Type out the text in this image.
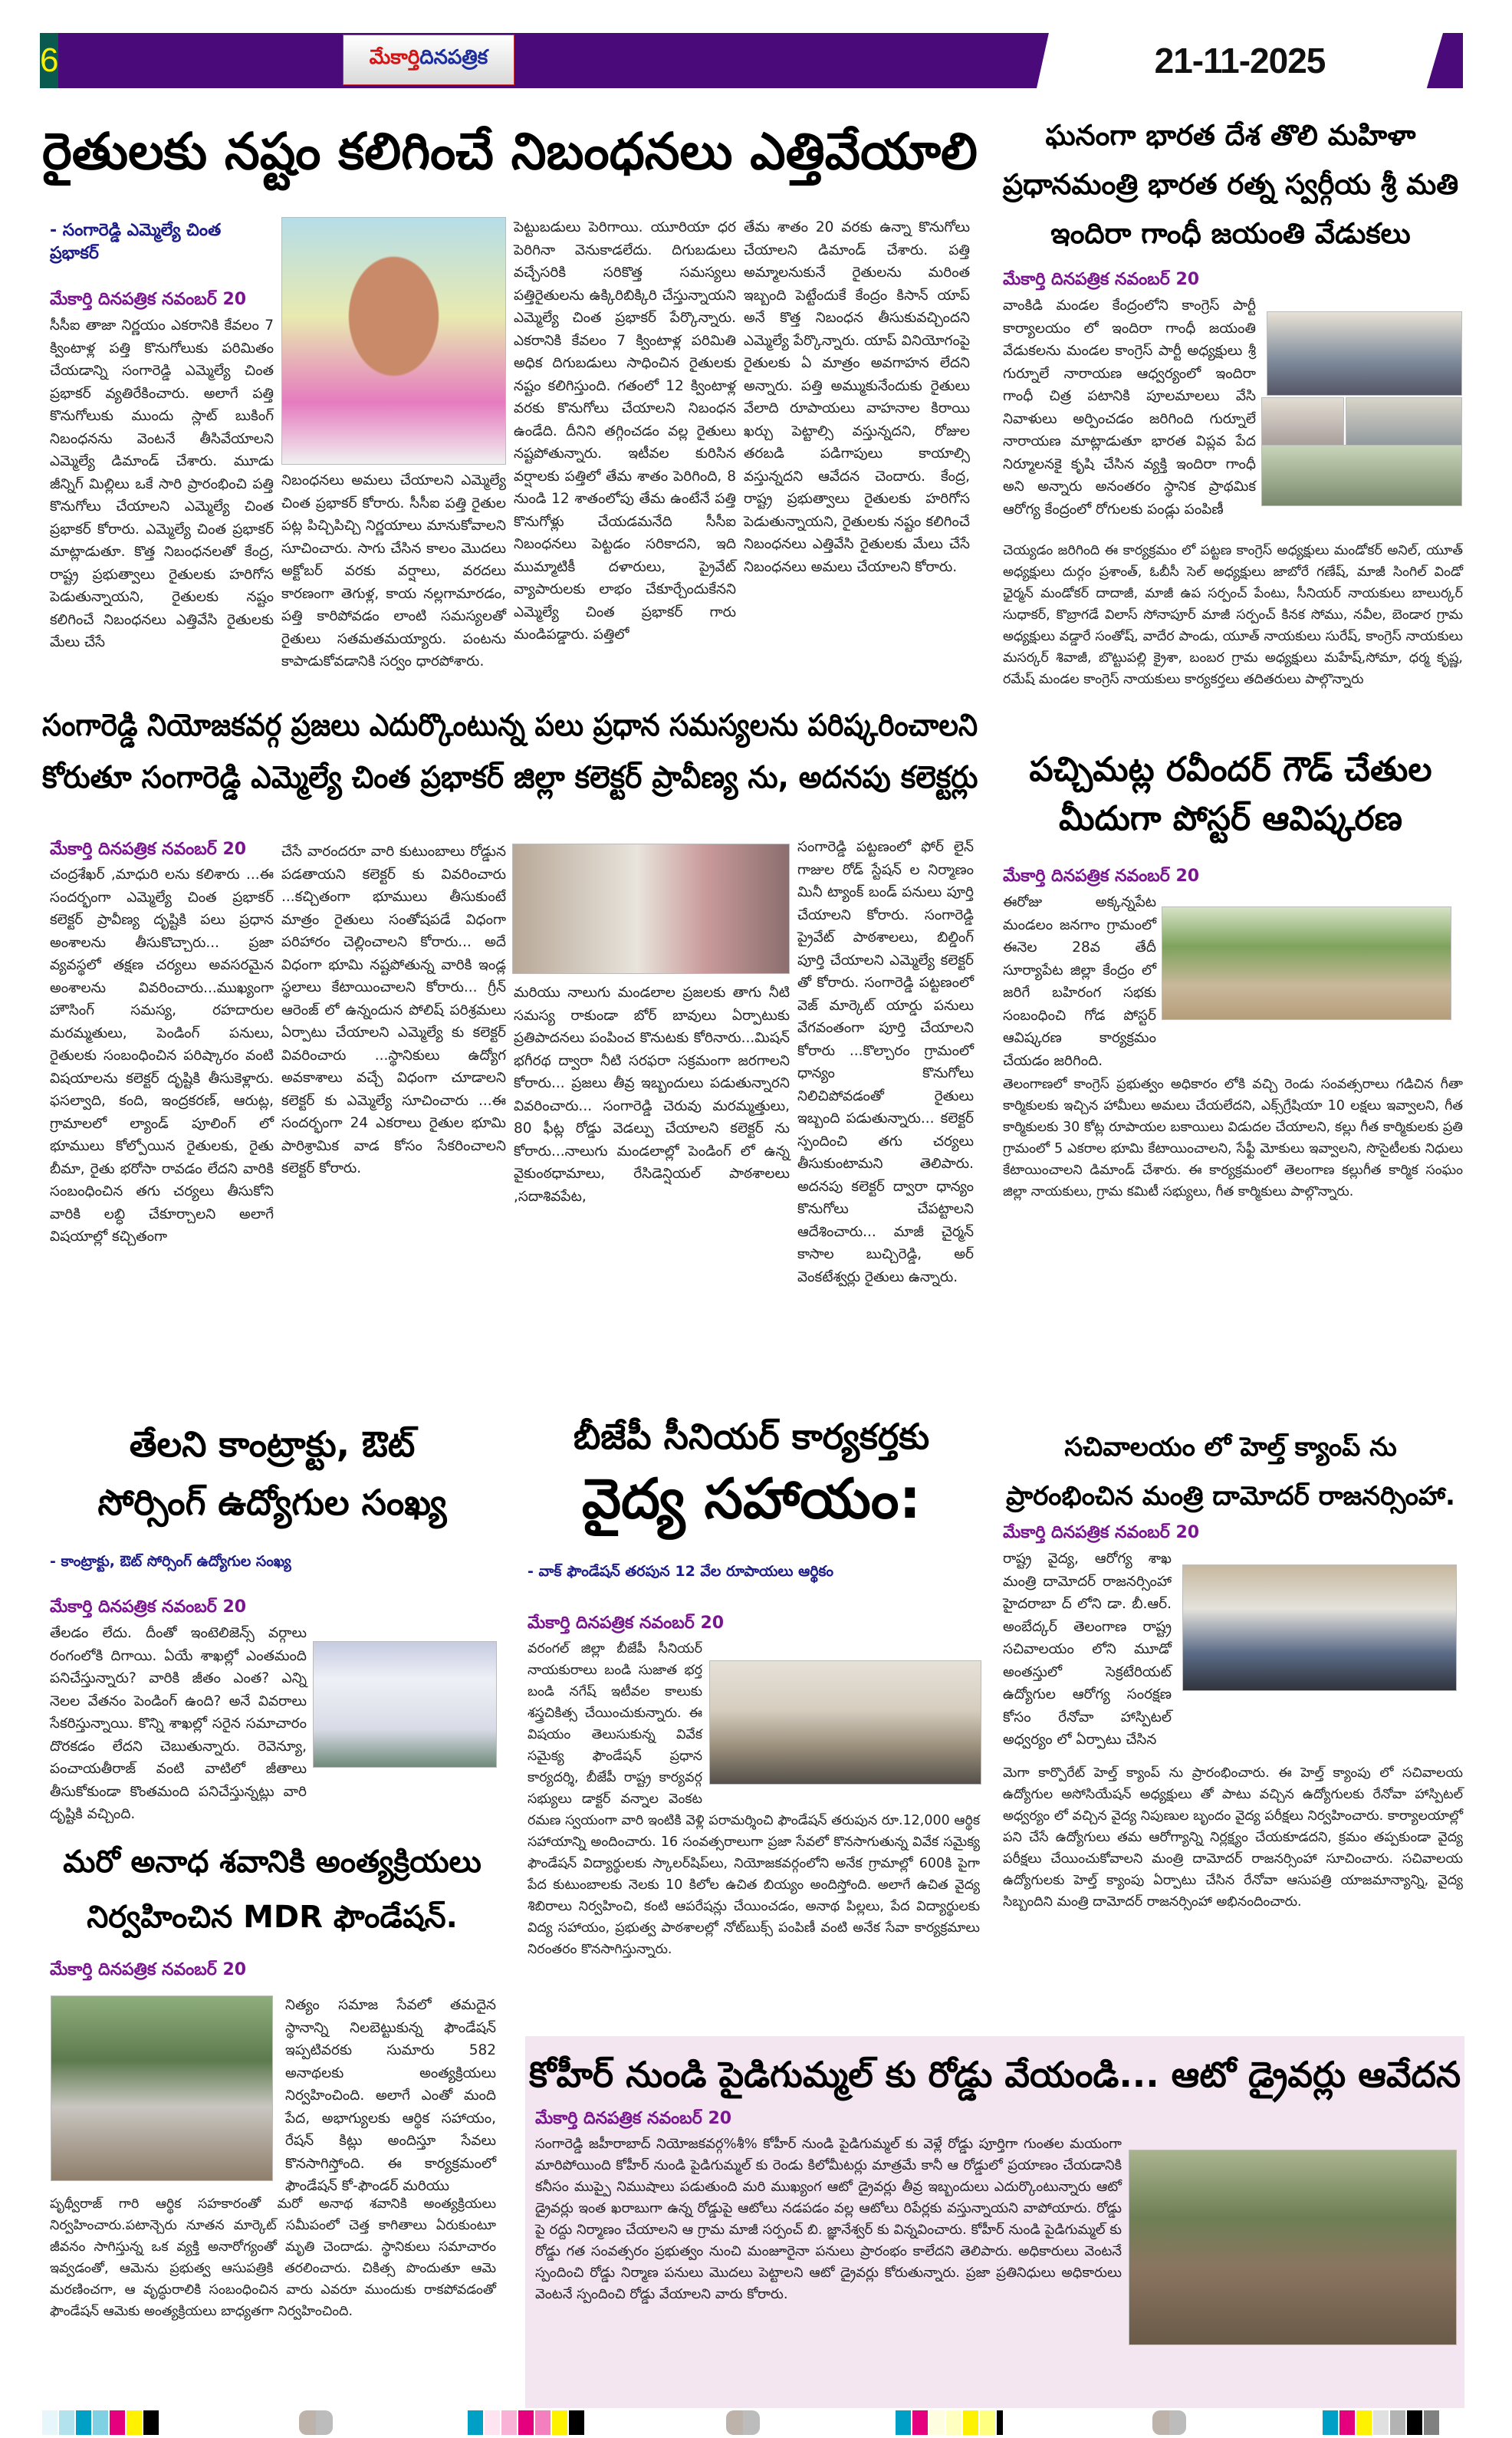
6	మేకార్తి దినపత్రిక	21-11-2025
రైతులకు నష్టం కలిగించే నిబంధనలు ఎత్తివేయాలి
- సంగారెడ్డి ఎమ్మెల్యే చింత ప్రభాకర్
మేకార్తి దినపత్రిక నవంబర్ 20

సీసీఐ తాజా నిర్ణయం ఎకరానికి కేవలం 7 క్వింటాళ్ల పత్తి కొనుగోలుకు పరిమితం చేయడాన్ని సంగారెడ్డి ఎమ్మెల్యే చింత ప్రభాకర్ వ్యతిరేకించారు. అలాగే పత్తి కొనుగోలుకు ముందు స్లాట్ బుకింగ్ నిబంధనను వెంటనే తీసివేయాలని ఎమ్మెల్యే డిమాండ్ చేశారు. మూడు జీన్నిగ్ మిల్లిలు ఒకే సారి ప్రారంభించి పత్తి కొనుగోలు చేయాలని ఎమ్మెల్యే చింత ప్రభాకర్ కోరారు. ఎమ్మెల్యే చింత ప్రభాకర్ మాట్లాడుతూ. కొత్త నిబంధనలతో కేంద్ర, రాష్ట్ర ప్రభుత్వాలు రైతులకు హరిగోస పెడుతున్నాయని, రైతులకు నష్టం కలిగించే నిబంధనలు ఎత్తివేసి రైతులకు మేలు చేసే

నిబంధనలు అమలు చేయాలని ఎమ్మెల్యే చింత ప్రభాకర్ కోరారు. సీసీఐ పత్తి రైతుల పట్ల పిచ్చిపిచ్చి నిర్ణయాలు మానుకోవాలని సూచించారు. సాగు చేసిన కాలం మొదలు అక్టోబర్ వరకు వర్షాలు, వరదలు కారణంగా తెగుళ్ల, కాయ నల్లగామారడం, పత్తి కారిపోవడం లాంటి సమస్యలతో రైతులు సతమతమయ్యారు. పంటను కాపాడుకోవడానికి సర్వం ధారపోశారు.

పెట్టుబడులు పెరిగాయి. యూరియా ధర పెరిగినా వెనుకాడలేదు. దిగుబడులు వచ్చేసరికి సరికొత్త సమస్యలు పత్తిరైతులను ఉక్కిరిబిక్కిరి చేస్తున్నాయని ఎమ్మెల్యే చింత ప్రభాకర్ పేర్కొన్నారు. ఎకరానికి కేవలం 7 క్వింటాళ్ల పరిమితి అధిక దిగుబడులు సాధించిన రైతులకు నష్టం కలిగిస్తుంది. గతంలో 12 క్వింటాళ్ల వరకు కొనుగోలు చేయాలని నిబంధన ఉండేది. దీనిని తగ్గించడం వల్ల రైతులు నష్టపోతున్నారు. ఇటీవల కురిసిన వర్షాలకు పత్తిలో తేమ శాతం పెరిగింది, 8 నుండి 12 శాతంలోపు తేమ ఉంటేనే పత్తి కొనుగోళ్లు చేయడమనేది సీసీఐ నిబంధనలు పెట్టడం సరికాదని, ఇది ముమ్మాటికీ దళారులు, ప్రైవేట్ వ్యాపారులకు లాభం చేకూర్చేందుకేనని ఎమ్మెల్యే చింత ప్రభాకర్ గారు మండిపడ్డారు. పత్తిలో

తేమ శాతం 20 వరకు ఉన్నా కొనుగోలు చేయాలని డిమాండ్ చేశారు. పత్తి అమ్మాలనుకునే రైతులను మరింత ఇబ్బంది పెట్టేందుకే కేంద్రం కిసాన్ యాప్ అనే కొత్త నిబంధన తీసుకువచ్చిందని ఎమ్మెల్యే పేర్కొన్నారు. యాప్ వినియోగంపై రైతులకు ఏ మాత్రం అవగాహన లేదని అన్నారు. పత్తి అమ్ముకునేందుకు రైతులు వేలాది రూపాయలు వాహనాల కిరాయి ఖర్చు పెట్టాల్సి వస్తున్నదని, రోజుల తరబడి పడిగాపులు కాయాల్సి వస్తున్నదని ఆవేదన చెందారు. కేంద్ర, రాష్ట్ర ప్రభుత్వాలు రైతులకు హరిగోస పెడుతున్నాయని, రైతులకు నష్టం కలిగించే నిబంధనలు ఎత్తివేసి రైతులకు మేలు చేసే నిబంధనలు అమలు చేయాలని కోరారు.

ఘనంగా భారత దేశ తొలి మహిళా
ప్రధానమంత్రి భారత రత్న స్వర్గీయ శ్రీ మతి
ఇందిరా గాంధీ జయంతి వేడుకలు
మేకార్తి దినపత్రిక నవంబర్ 20

వాంకిడి మండల కేంద్రంలోని కాంగ్రెస్ పార్టీ కార్యాలయం లో ఇందిరా గాంధీ జయంతి వేడుకలను మండల కాంగ్రెస్ పార్టీ అధ్యక్షులు శ్రీ గుర్నూలే నారాయణ ఆధ్వర్యంలో ఇందిరా గాంధీ చిత్ర పటానికి పూలమాలలు వేసి నివాళులు అర్పించడం జరిగింది గుర్నూలే నారాయణ మాట్లాడుతూ భారత విప్లవ పేద నిర్మూలనకై కృషి చేసిన వ్యక్తి ఇందిరా గాంధీ అని అన్నారు అనంతరం స్థానిక ప్రాథమిక ఆరోగ్య కేంద్రంలో రోగులకు పండ్లు పంపిణీ

చెయ్యడం జరిగింది ఈ కార్యక్రమం లో పట్టణ కాంగ్రెస్ అధ్యక్షులు మండోకర్ అనిల్, యూత్ అధ్యక్షులు దుర్గం ప్రశాంత్, ఓబీసీ సెల్ అధ్యక్షులు జాబోరే గణేష్, మాజీ సింగిల్ విండో ఛైర్మన్ మండోకర్ దాదాజీ, మాజీ ఉప సర్పంచ్ పేంటు, సీనియర్ నాయకులు బాలుర్కర్ సుధాకర్, కొబ్రాగడే విలాస్ సోనాపూర్ మాజీ సర్పంచ్ కినక సోము, నవీల, బెండార గ్రామ అధ్యక్షులు వడ్డారే సంతోష్, వాదేర పాండు, యూత్ నాయకులు సురేష్, కాంగ్రెస్ నాయకులు మసర్కర్ శివాజీ, బొట్టుపల్లి క్రైశా, బంబర గ్రామ అధ్యక్షులు మహేష్,సోమా, ధర్మ కృష్ణ, రమేష్ మండల కాంగ్రెస్ నాయకులు కార్యకర్తలు తదితరులు పాల్గొన్నారు

సంగారెడ్డి నియోజకవర్గ ప్రజలు ఎదుర్కొంటున్న పలు ప్రధాన సమస్యలను పరిష్కరించాలని
కోరుతూ సంగారెడ్డి ఎమ్మెల్యే చింత ప్రభాకర్ జిల్లా కలెక్టర్ ప్రావీణ్య ను, అదనపు కలెక్టర్లు
మేకార్తి దినపత్రిక నవంబర్ 20

చంద్రశేఖర్ ,మాధురి లను కలిశారు ...ఈ సందర్భంగా ఎమ్మెల్యే చింత ప్రభాకర్ కలెక్టర్ ప్రావీణ్య దృష్టికి పలు ప్రధాన అంశాలను తీసుకొచ్చారు... ప్రజా వ్యవస్థలో తక్షణ చర్యలు అవసరమైన అంశాలను వివరించారు...ముఖ్యంగా హౌసింగ్ సమస్య, రహదారుల మరమ్మతులు, పెండింగ్ పనులు, రైతులకు సంబంధించిన పరిష్కారం వంటి విషయాలను కలెక్టర్ దృష్టికి తీసుకెళ్లారు. ఫసల్వాది, కంది, ఇంద్రకరణ్, ఆరుట్ల, గ్రామాలలో ల్యాండ్ పూలింగ్ లో భూములు కోల్పోయిన రైతులకు, రైతు బీమా, రైతు భరోసా రావడం లేదని వారికి సంబంధించిన తగు చర్యలు తీసుకోని వారికి లబ్ధి చేకూర్చాలని అలాగే విషయాల్లో కచ్చితంగా

చేసే వారందరూ వారి కుటుంబాలు రోడ్డున పడతాయని కలెక్టర్ కు వివరించారు ...కచ్చితంగా భూములు తీసుకుంటే మాత్రం రైతులు సంతోషపడే విధంగా పరిహారం చెల్లించాలని కోరారు... అదే విధంగా భూమి నష్టపోతున్న వారికి ఇండ్ల స్థలాలు కేటాయించాలని కోరారు... గ్రీన్ ఆరెంజ్ లో ఉన్నందున పోలిష్ పరిశ్రమలు ఏర్పాటు చేయాలని ఎమ్మెల్యే కు కలెక్టర్ వివరించారు ...స్థానికులు ఉద్యోగ అవకాశాలు వచ్చే విధంగా చూడాలని కలెక్టర్ కు ఎమ్మెల్యే సూచించారు ...ఈ సందర్భంగా 24 ఎకరాలు రైతుల భూమి పారిశ్రామిక వాడ కోసం సేకరించాలని కలెక్టర్ కోరారు.

మరియు నాలుగు మండలాల ప్రజలకు తాగు నీటి సమస్య రాకుండా బోర్ బావులు ఏర్పాటుకు ప్రతిపాదనలు పంపించ కొనుటకు కోరినారు...మిషన్ భగీరథ ద్వారా నీటి సరఫరా సక్రమంగా జరగాలని కోరారు... ప్రజలు తీవ్ర ఇబ్బందులు పడుతున్నారని వివరించారు... సంగారెడ్డి చెరువు మరమ్మత్తులు, 80 ఫీట్ల రోడ్డు వెడల్పు చేయాలని కలెక్టర్ ను కోరారు...నాలుగు మండలాల్లో పెండింగ్ లో ఉన్న వైకుంఠధామాలు, రేసిడెన్షియల్ పాఠశాలలు ,సదాశివపేట,

సంగారెడ్డి పట్టణంలో ఫోర్ లైన్ గాజుల రోడ్ స్టేషన్ ల నిర్మాణం మినీ ట్యాంక్ బండ్ పనులు పూర్తి చేయాలని కోరారు. సంగారెడ్డి ప్రైవేట్ పాఠశాలలు, బిల్డింగ్ పూర్తి చేయాలని ఎమ్మెల్యే కలెక్టర్ తో కోరారు. సంగారెడ్డి పట్టణంలో వెజ్ మార్కెట్ యార్డు పనులు వేగవంతంగా పూర్తి చేయాలని కోరారు ...కొల్చారం గ్రామంలో ధాన్యం కొనుగోలు నిలిచిపోవడంతో రైతులు ఇబ్బంది పడుతున్నారు... కలెక్టర్ స్పందించి తగు చర్యలు తీసుకుంటామని తెలిపారు. అదనపు కలెక్టర్ ద్వారా ధాన్యం కొనుగోలు చేపట్టాలని ఆదేశించారు... మాజీ చైర్మన్ కాసాల బుచ్చిరెడ్డి, అర్ వెంకటేశ్వర్లు రైతులు ఉన్నారు.

పచ్చిమట్ల రవీందర్ గౌడ్ చేతుల
మీదుగా పోస్టర్ ఆవిష్కరణ
మేకార్తి దినపత్రిక నవంబర్ 20

ఈరోజు అక్కన్నపేట మండలం జనగాం గ్రామంలో ఈనెల 28వ తేదీ సూర్యాపేట జిల్లా కేంద్రం లో జరిగే బహిరంగ సభకు సంబంధించి గోడ పోస్టర్ ఆవిష్కరణ కార్యక్రమం చేయడం జరిగింది.

తెలంగాణలో కాంగ్రెస్ ప్రభుత్వం అధికారం లోకి వచ్చి రెండు సంవత్సరాలు గడిచిన గీతా కార్మికులకు ఇచ్చిన హామీలు అమలు చేయలేదని, ఎక్స్‌గ్రేషియా 10 లక్షలు ఇవ్వాలని, గీత కార్మికులకు 30 కోట్ల రూపాయల బకాయిలు విడుదల చేయాలని, కల్లు గీత కార్మికులకు ప్రతి గ్రామంలో 5 ఎకరాల భూమి కేటాయించాలని, సేఫ్టీ మోకులు ఇవ్వాలని, సొసైటీలకు నిధులు కేటాయించాలని డిమాండ్ చేశారు. ఈ కార్యక్రమంలో తెలంగాణ కల్లుగీత కార్మిక సంఘం జిల్లా నాయకులు, గ్రామ కమిటీ సభ్యులు, గీత కార్మికులు పాల్గొన్నారు.

తేలని కాంట్రాక్టు, ఔట్
సోర్సింగ్ ఉద్యోగుల సంఖ్య
- కాంట్రాక్టు, ఔట్ సోర్సింగ్ ఉద్యోగుల సంఖ్య
మేకార్తి దినపత్రిక నవంబర్ 20

తేలడం లేదు. దీంతో ఇంటెలిజెన్స్ వర్గాలు రంగంలోకి దిగాయి. ఏయే శాఖల్లో ఎంతమంది పనిచేస్తున్నారు? వారికి జీతం ఎంత? ఎన్ని నెలల వేతనం పెండింగ్ ఉంది? అనే వివరాలు సేకరిస్తున్నాయి. కొన్ని శాఖల్లో సరైన సమాచారం దొరకడం లేదని చెబుతున్నారు. రెవెన్యూ, పంచాయతీరాజ్ వంటి వాటిలో జీతాలు తీసుకోకుండా కొంతమంది పనిచేస్తున్నట్లు వారి దృష్టికి వచ్చింది.

మరో అనాధ శవానికి అంత్యక్రియలు
నిర్వహించిన MDR ఫౌండేషన్.
మేకార్తి దినపత్రిక నవంబర్ 20

నిత్యం సమాజ సేవలో తమదైన స్థానాన్ని నిలబెట్టుకున్న ఫౌండేషన్ ఇప్పటివరకు సుమారు 582 అనాథలకు అంత్యక్రియలు నిర్వహించింది. అలాగే ఎంతో మంది పేద, అభాగ్యులకు ఆర్థిక సహాయం, రేషన్ కిట్లు అందిస్తూ సేవలు కొనసాగిస్తోంది. ఈ కార్యక్రమంలో ఫౌండేషన్ కో-ఫౌండర్ మరియు

పృథ్వీరాజ్ గారి ఆర్థిక సహకారంతో మరో అనాథ శవానికి అంత్యక్రియలు నిర్వహించారు.పటాన్చెరు నూతన మార్కెట్ సమీపంలో చెత్త కాగితాలు ఏరుకుంటూ జీవనం సాగిస్తున్న ఒక వ్యక్తి అనారోగ్యంతో మృతి చెందాడు. స్థానికులు సమాచారం ఇవ్వడంతో, ఆమెను ప్రభుత్వ ఆసుపత్రికి తరలించారు. చికిత్స పొందుతూ ఆమె మరణించగా, ఆ వృద్ధురాలికి సంబంధించిన వారు ఎవరూ ముందుకు రాకపోవడంతో ఫౌండేషన్ ఆమెకు అంత్యక్రియలు బాధ్యతగా నిర్వహించింది.

బీజేపీ సీనియర్ కార్యకర్తకు
వైద్య సహాయం:
- వాక్ ఫౌండేషన్ తరపున 12 వేల రూపాయలు ఆర్థికం
మేకార్తి దినపత్రిక నవంబర్ 20

వరంగల్ జిల్లా బీజేపీ సీనియర్ నాయకురాలు బండి సుజాత భర్త బండి నగేష్ ఇటీవల కాలుకు శస్త్రచికిత్స చేయించుకున్నారు. ఈ విషయం తెలుసుకున్న వివేక సమైక్య ఫౌండేషన్ ప్రధాన కార్యదర్శి, బీజేపీ రాష్ట్ర కార్యవర్గ సభ్యులు డాక్టర్ వన్నాల వెంకట రమణ స్వయంగా వారి ఇంటికి వెళ్లి పరామర్శించి ఫౌండేషన్ తరుపున రూ.12,000 ఆర్థిక సహాయాన్ని అందించారు. 16 సంవత్సరాలుగా ప్రజా సేవలో కొనసాగుతున్న వివేక సమైక్య ఫౌండేషన్ విద్యార్థులకు స్కాలర్‌షిప్‌లు, నియోజకవర్గంలోని అనేక గ్రామాల్లో 600కి పైగా పేద కుటుంబాలకు నెలకు 10 కిలోల ఉచిత బియ్యం అందిస్తోంది. అలాగే ఉచిత వైద్య శిబిరాలు నిర్వహించి, కంటి ఆపరేషన్లు చేయించడం, అనాథ పిల్లలు, పేద విద్యార్థులకు విద్య సహాయం, ప్రభుత్వ పాఠశాలల్లో నోట్‌బుక్స్ పంపిణీ వంటి అనేక సేవా కార్యక్రమాలు నిరంతరం కొనసాగిస్తున్నారు.

సచివాలయం లో హెల్త్ క్యాంప్ ను
ప్రారంభించిన మంత్రి దామోదర్ రాజనర్సింహా.
మేకార్తి దినపత్రిక నవంబర్ 20

రాష్ట్ర వైద్య, ఆరోగ్య శాఖ మంత్రి దామోదర్ రాజనర్సింహా హైదరాబా ద్ లోని డా. బీ.ఆర్. అంబేద్కర్ తెలంగాణ రాష్ట్ర సచివాలయం లోని మూడో అంతస్తులో సెక్రటేరియట్ ఉద్యోగుల ఆరోగ్య సంరక్షణ కోసం రేనోవా హాస్పిటల్ అధ్వర్యం లో ఏర్పాటు చేసిన

మెగా కార్పొరేట్ హెల్త్ క్యాంప్ ను ప్రారంభించారు. ఈ హెల్త్ క్యాంపు లో సచివాలయ ఉద్యోగుల అసోసియేషన్ అధ్యక్షులు తో పాటు వచ్చిన ఉద్యోగులకు రేనోవా హాస్పిటల్ అధ్వర్యం లో వచ్చిన వైద్య నిపుణుల బృందం వైద్య పరీక్షలు నిర్వహించారు. కార్యాలయాల్లో పని చేసే ఉద్యోగులు తమ ఆరోగ్యాన్ని నిర్లక్ష్యం చేయకూడదని, క్రమం తప్పకుండా వైద్య పరీక్షలు చేయించుకోవాలని మంత్రి దామోదర్ రాజనర్సింహా సూచించారు. సచివాలయ ఉద్యోగులకు హెల్త్ క్యాంపు ఏర్పాటు చేసిన రేనోవా ఆసుపత్రి యాజమాన్యాన్ని, వైద్య సిబ్బందిని మంత్రి దామోదర్ రాజనర్సింహా అభినందించారు.

కోహీర్ నుండి పైడిగుమ్మల్ కు రోడ్డు వేయండి... ఆటో డ్రైవర్లు ఆవేదన
మేకార్తి దినపత్రిక నవంబర్ 20

సంగారెడ్డి జహీరాబాద్ నియోజకవర్గ%శీ% కోహీర్ నుండి పైడిగుమ్మల్ కు వెళ్లే రోడ్డు పూర్తిగా గుంతల మయంగా మారిపోయింది కోహీర్ నుండి పైడిగుమ్మల్ కు రెండు కిలోమీటర్లు మాత్రమే కానీ ఆ రోడ్డులో ప్రయాణం చేయడానికి కనీసం ముప్పై నిముషాలు పడుతుంది మరి ముఖ్యంగ ఆటో డ్రైవర్లు తీవ్ర ఇబ్బందులు ఎదుర్కొంటున్నారు ఆటో డ్రైవర్లు ఇంత ఖరాబుగా ఉన్న రోడ్డుపై ఆటోలు నడపడం వల్ల ఆటోలు రిపేర్లకు వస్తున్నాయని వాపోయారు. రోడ్డు పై రద్దు నిర్మాణం చేయాలని ఆ గ్రామ మాజీ సర్పంచ్ బి. జ్ఞానేశ్వర్ కు విన్నవించారు. కోహీర్ నుండి పైడిగుమ్మల్ కు రోడ్డు గత సంవత్సరం ప్రభుత్వం నుంచి మంజూరైనా పనులు ప్రారంభం కాలేదని తెలిపారు. అధికారులు వెంటనే స్పందించి రోడ్డు నిర్మాణ పనులు మొదలు పెట్టాలని ఆటో డ్రైవర్లు కోరుతున్నారు. ప్రజా ప్రతినిధులు అధికారులు వెంటనే స్పందించి రోడ్డు వేయాలని వారు కోరారు.
